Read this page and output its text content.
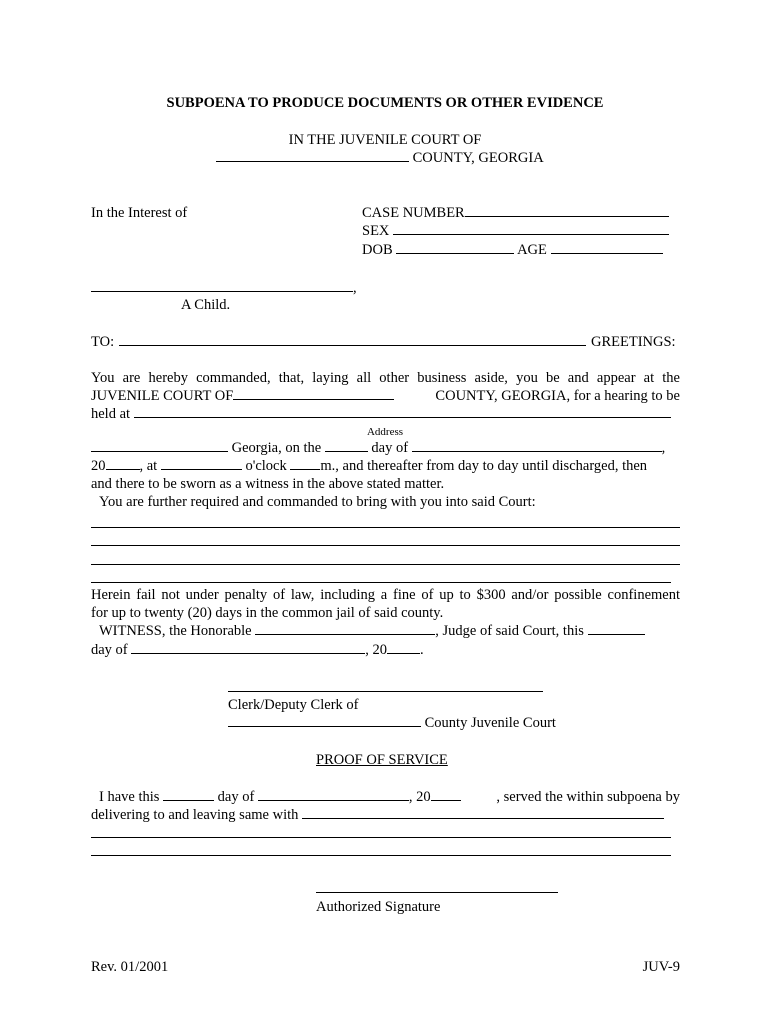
SUBPOENA TO PRODUCE DOCUMENTS OR OTHER EVIDENCE
IN THE JUVENILE COURT OF
COUNTY, GEORGIA
In the Interest of	CASE NUMBER
SEX
DOB	AGE
,
A Child.
TO:	GREETINGS:
You are hereby commanded, that, laying all other business aside, you be and appear at the
JUVENILE COURT OF	COUNTY, GEORGIA, for a hearing to be
held at
Address
Georgia, on the	day of	,
20 , at	o'clock m., and thereafter from day to day until discharged, then
and there to be sworn as a witness in the above stated matter.
You are further required and commanded to bring with you into said Court:
Herein fail not under penalty of law, including a fine of up to $300 and/or possible confinement
for up to twenty (20) days in the common jail of said county.
WITNESS, the Honorable	, Judge of said Court, this
day of	, 20 .
Clerk/Deputy Clerk of
County Juvenile Court
PROOF OF SERVICE
I have this	day of	, 20	, served the within subpoena by
delivering to and leaving same with
Authorized Signature
Rev. 01/2001	JUV-9
